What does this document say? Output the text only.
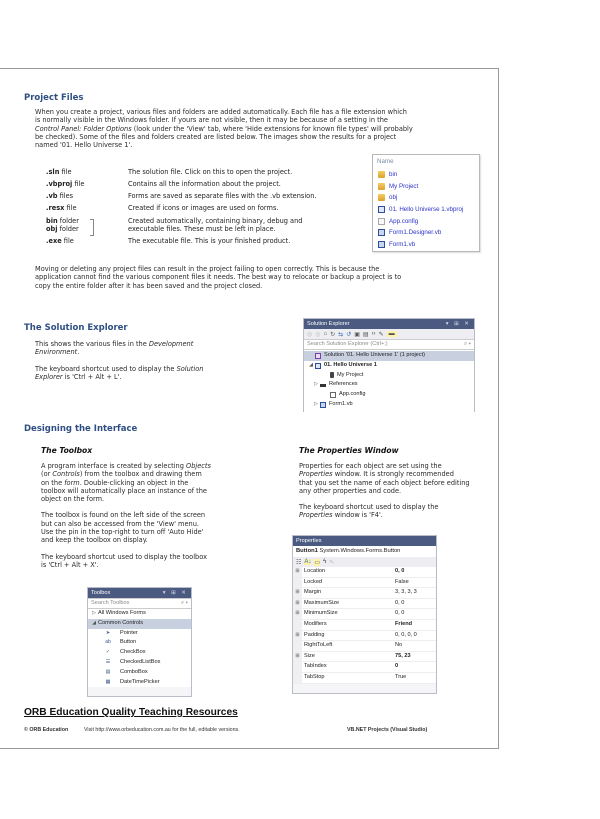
Project Files
When you create a project, various files and folders are added automatically. Each file has a file extension which
is normally visible in the Windows folder. If yours are not visible, then it may be because of a setting in the
Control Panel: Folder Options (look under the 'View' tab, where 'Hide extensions for known file types' will probably
be checked). Some of the files and folders created are listed below. The images show the results for a project
named '01. Hello Universe 1'.
.sln file	The solution file. Click on this to open the project.
.vbproj file	Contains all the information about the project.
.vb files	Forms are saved as separate files with the .vb extension.
.resx file	Created if icons or images are used on forms.
bin folder	Created automatically, containing binary, debug and
obj folder	executable files. These must be left in place.
.exe file	The executable file. This is your finished product.
Name
bin
My Project
obj
01. Hello Universe 1.vbproj
App.config
Form1.Designer.vb
Form1.vb
Moving or deleting any project files can result in the project failing to open correctly. This is because the
application cannot find the various component files it needs. The best way to relocate or backup a project is to
copy the entire folder after it has been saved and the project closed.
The Solution Explorer
This shows the various files in the Development
Environment.
The keyboard shortcut used to display the Solution
Explorer is 'Ctrl + Alt + L'.
Solution Explorer	▾ ⊞ ✕
◎ ◎ ⌂ ↻ ⇆ ↺ ▣ ▤ ‹› ✎ ▬
Search Solution Explorer (Ctrl+;)	⌕ ▾
Solution '01. Hello Universe 1' (1 project)
◢	01. Hello Universe 1
My Project
▷	References
App.config
▷	Form1.vb
Designing the Interface
The Toolbox
A program interface is created by selecting Objects
(or Controls) from the toolbox and drawing them
on the form. Double-clicking an object in the
toolbox will automatically place an instance of the
object on the form.
The toolbox is found on the left side of the screen
but can also be accessed from the 'View' menu.
Use the pin in the top-right to turn off 'Auto Hide'
and keep the toolbox on display.
The keyboard shortcut used to display the toolbox
is 'Ctrl + Alt + X'.
Toolbox	▾ ⊞ ✕
Search Toolbox	⌕ ▾
▷ All Windows Forms
◢ Common Controls
➤	Pointer
ab	Button
✓	CheckBox
☰	CheckedListBox
▤	ComboBox
▦	DateTimePicker
The Properties Window
Properties for each object are set using the
Properties window. It is strongly recommended
that you set the name of each object before editing
any other properties and code.
The keyboard shortcut used to display the
Properties window is 'F4'.
Properties
Button1 System.Windows.Forms.Button
☷ A↓ ▭ ϟ ✎
⊞ Location	0, 0
Locked	False
⊞ Margin	3, 3, 3, 3
⊞ MaximumSize	0, 0
⊞ MinimumSize	0, 0
Modifiers	Friend
⊞ Padding	0, 0, 0, 0
RightToLeft	No
⊞ Size	75, 23
TabIndex	0
TabStop	True
ORB Education Quality Teaching Resources
© ORB Education	Visit http://www.orbeducation.com.au for the full, editable versions.	VB.NET Projects (Visual Studio)
